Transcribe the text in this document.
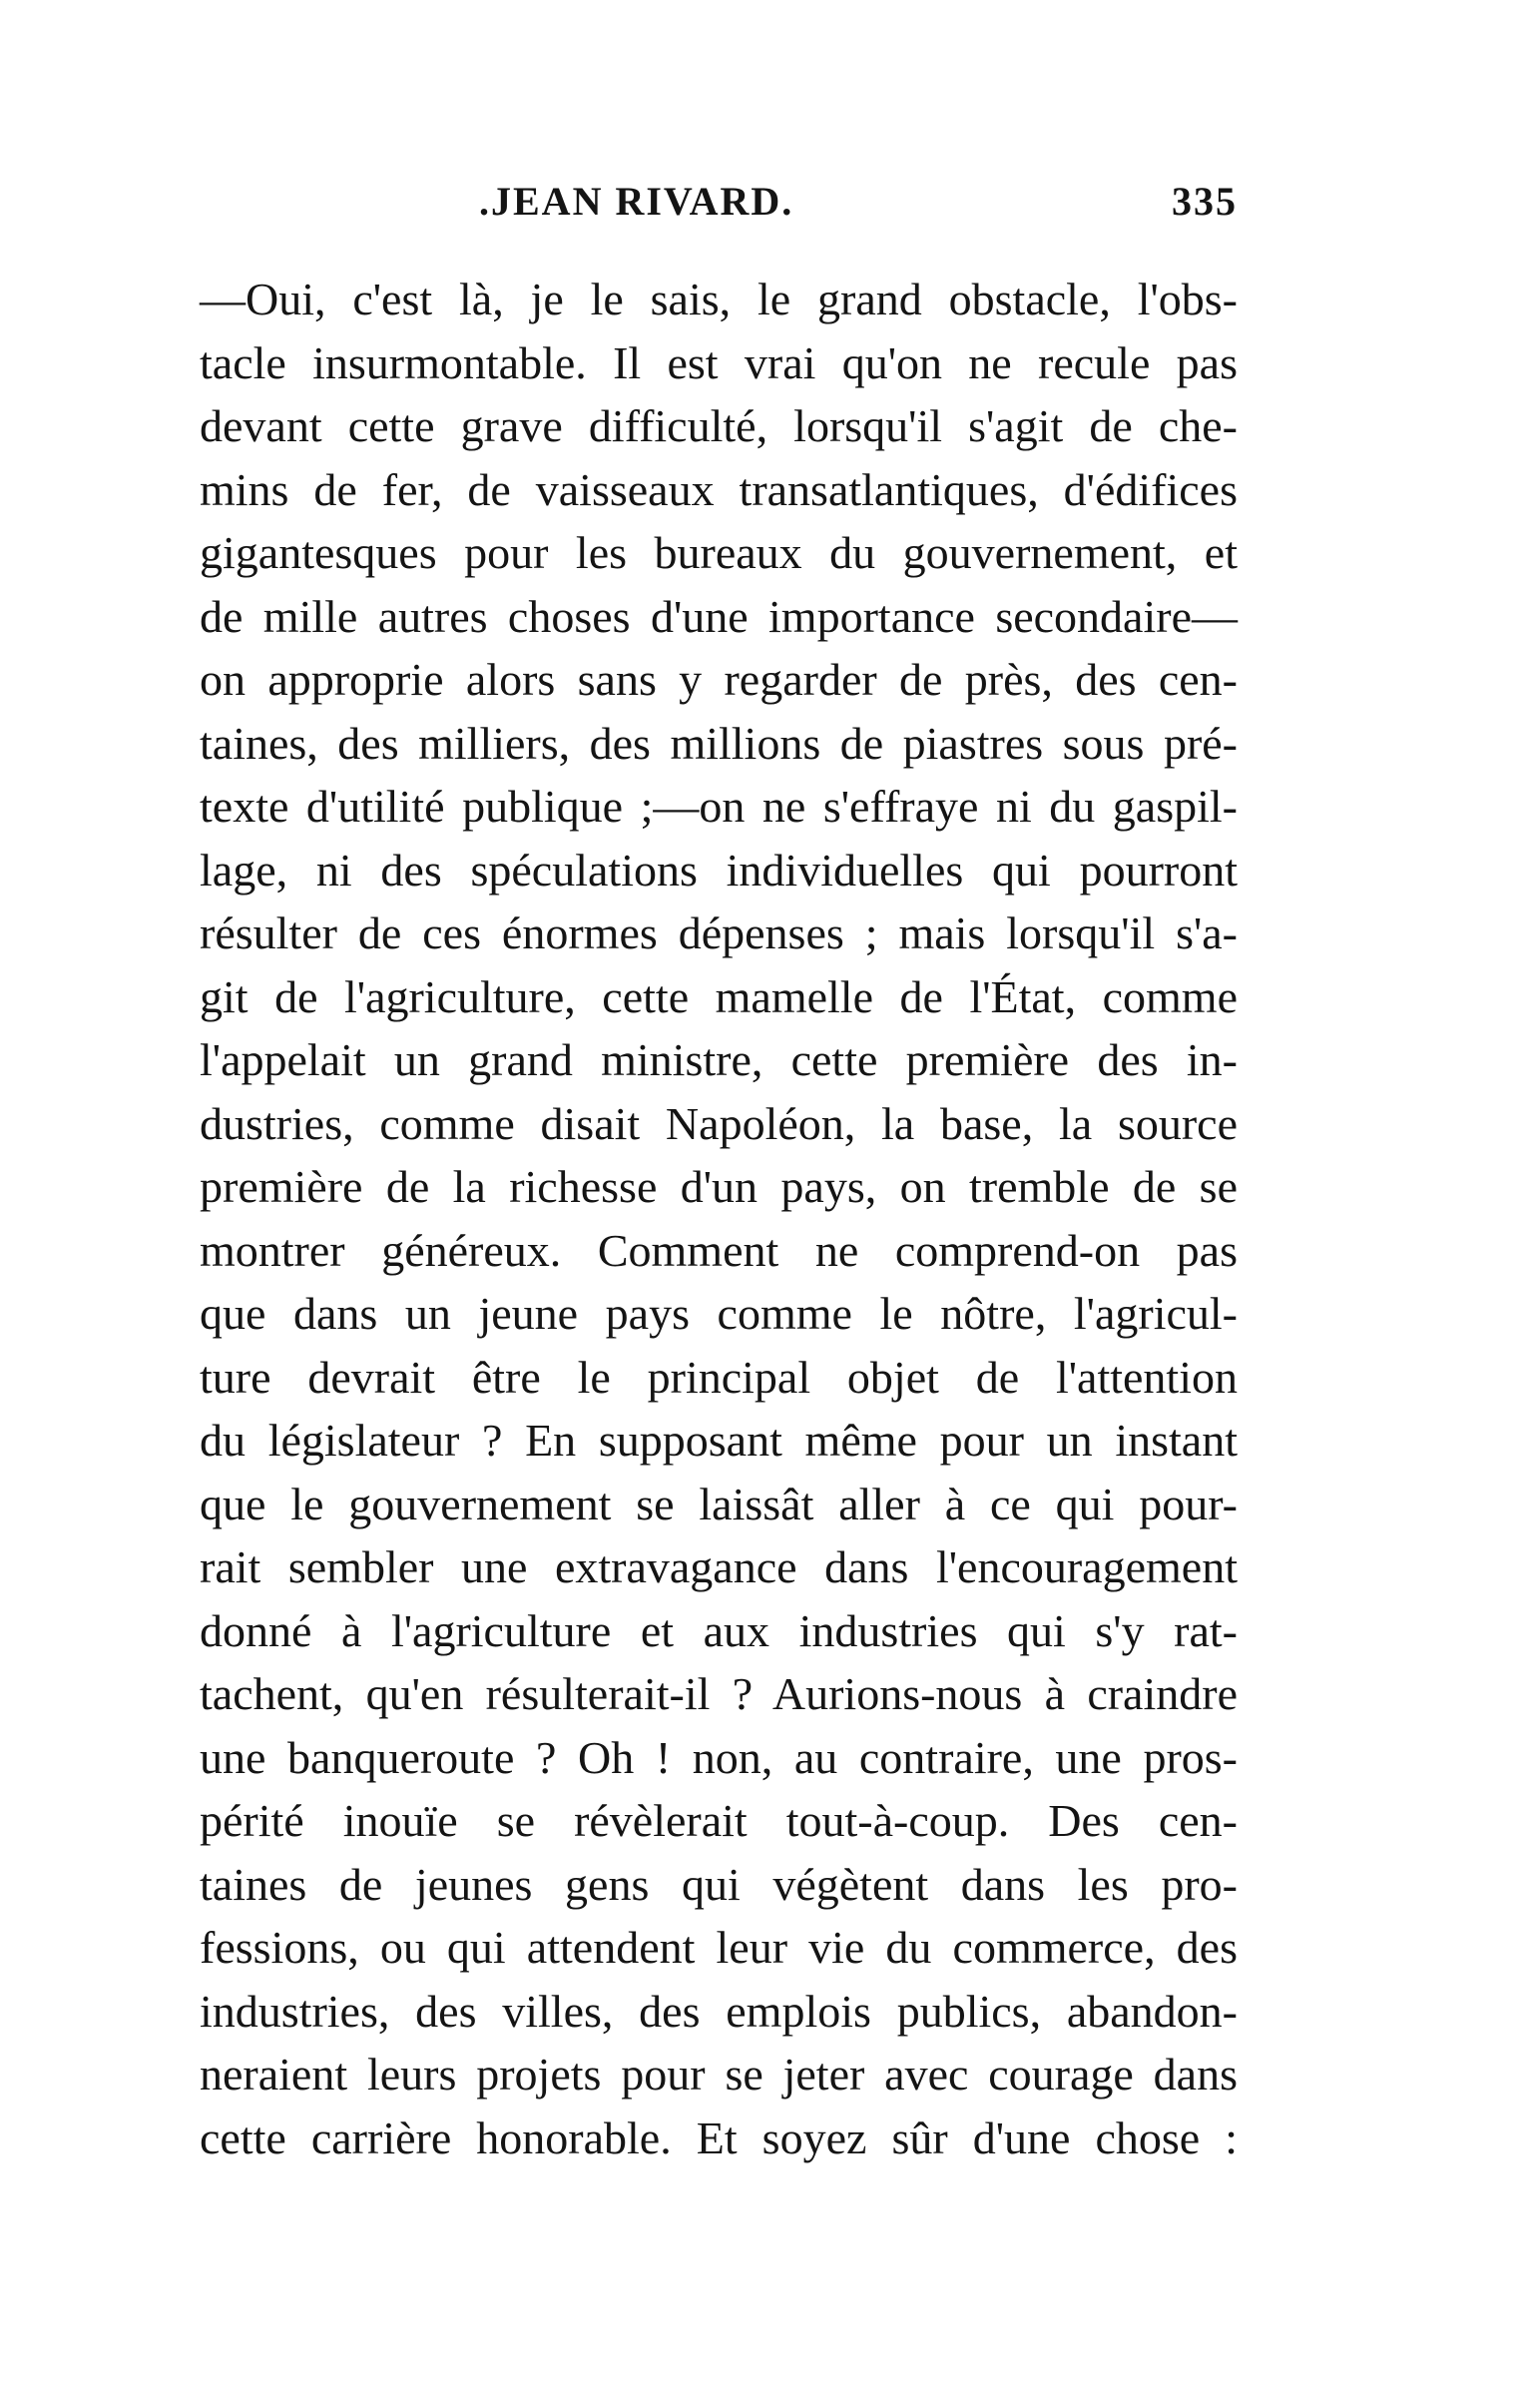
.JEAN RIVARD.	335
—Oui, c'est là, je le sais, le grand obstacle, l'obs-
tacle insurmontable. Il est vrai qu'on ne recule pas
devant cette grave difficulté, lorsqu'il s'agit de che-
mins de fer, de vaisseaux transatlantiques, d'édifices
gigantesques pour les bureaux du gouvernement, et
de mille autres choses d'une importance secondaire—
on approprie alors sans y regarder de près, des cen-
taines, des milliers, des millions de piastres sous pré-
texte d'utilité publique ;—on ne s'effraye ni du gaspil-
lage, ni des spéculations individuelles qui pourront
résulter de ces énormes dépenses ; mais lorsqu'il s'a-
git de l'agriculture, cette mamelle de l'État, comme
l'appelait un grand ministre, cette première des in-
dustries, comme disait Napoléon, la base, la source
première de la richesse d'un pays, on tremble de se
montrer généreux. Comment ne comprend-on pas
que dans un jeune pays comme le nôtre, l'agricul-
ture devrait être le principal objet de l'attention
du législateur ? En supposant même pour un instant
que le gouvernement se laissât aller à ce qui pour-
rait sembler une extravagance dans l'encouragement
donné à l'agriculture et aux industries qui s'y rat-
tachent, qu'en résulterait-il ? Aurions-nous à craindre
une banqueroute ? Oh ! non, au contraire, une pros-
périté inouïe se révèlerait tout-à-coup. Des cen-
taines de jeunes gens qui végètent dans les pro-
fessions, ou qui attendent leur vie du commerce, des
industries, des villes, des emplois publics, abandon-
neraient leurs projets pour se jeter avec courage dans
cette carrière honorable. Et soyez sûr d'une chose :
